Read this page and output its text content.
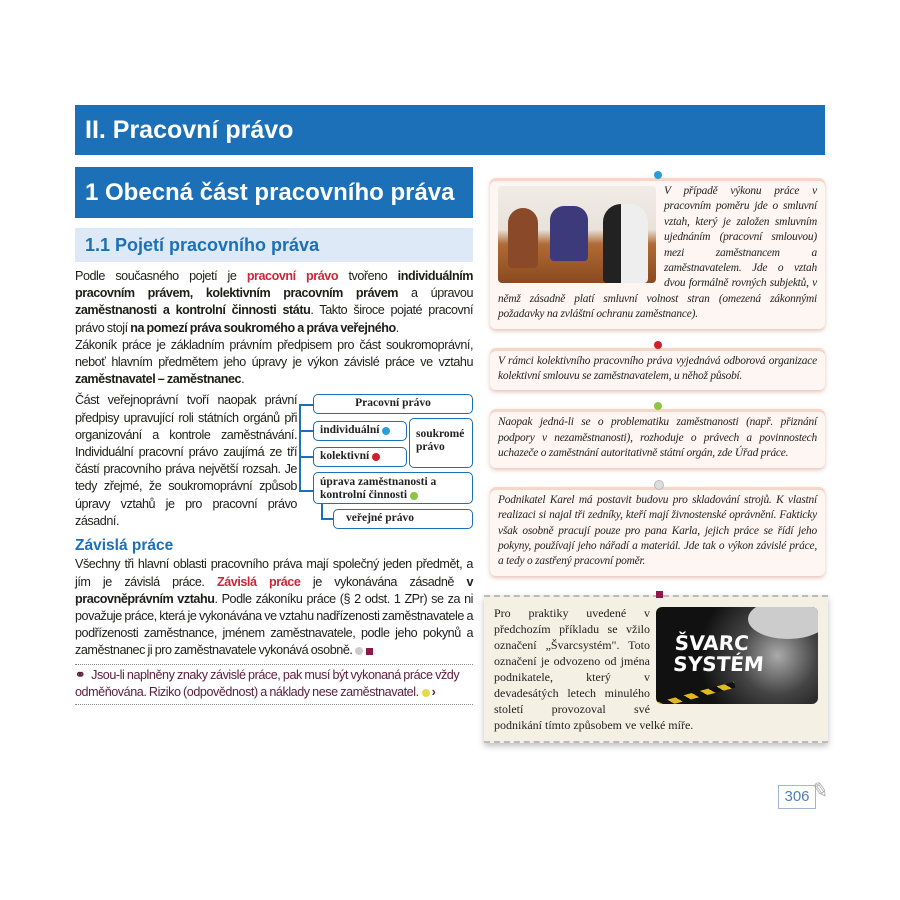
II. Pracovní právo
1 Obecná část pracovního práva
1.1 Pojetí pracovního práva
Podle současného pojetí je pracovní právo tvořeno individuálním pracovním právem, kolektivním pracovním právem a úpravou zaměstnanosti a kontrolní činnosti státu. Takto široce pojaté pracovní právo stojí na pomezí práva soukromého a práva veřejného.
Zákoník práce je základním právním předpisem pro část soukromoprávní, neboť hlavním předmětem jeho úpravy je výkon závislé práce ve vztahu zaměstnavatel – zaměstnanec.
Část veřejnoprávní tvoří naopak právní předpisy upravující roli státních orgánů při organizování a kontrole zaměstnávání. Individuální pracovní právo zaujímá ze tří částí pracovního práva největší rozsah. Je tedy zřejmé, že soukromoprávní způsob úpravy vztahů je pro pracovní právo zásadní.
Pracovní právo
individuální
kolektivní
soukromé právo
úprava zaměstnanosti a kontrolní činnosti
veřejné právo
Závislá práce
Všechny tři hlavní oblasti pracovního práva mají společný jeden předmět, a jím je závislá práce. Závislá práce je vykonávána zásadně v pracovněprávním vztahu. Podle zákoníku práce (§ 2 odst. 1 ZPr) se za ni považuje práce, která je vykonávána ve vztahu nadřízenosti zaměstnavatele a podřízenosti zaměstnance, jménem zaměstnavatele, podle jeho pokynů a zaměstnanec ji pro zaměstnavatele vykonává osobně.
⚭ Jsou-li naplněny znaky závislé práce, pak musí být vykonaná práce vždy odměňována. Riziko (odpovědnost) a náklady nese zaměstnavatel. ›
V případě výkonu práce v pracovním poměru jde o smluvní vztah, který je založen smluvním ujednáním (pracovní smlouvou) mezi zaměstnancem a zaměstnavatelem. Jde o vztah dvou formálně rovných subjektů, v němž zásadně platí smluvní volnost stran (omezená zákonnými požadavky na zvláštní ochranu zaměstnance).
V rámci kolektivního pracovního práva vyjednává odborová organizace kolektivní smlouvu se zaměstnavatelem, u něhož působí.
Naopak jedná-li se o problematiku zaměstnanosti (např. přiznání podpory v nezaměstnanosti), rozhoduje o právech a povinnostech uchazeče o zaměstnání autoritativně státní orgán, zde Úřad práce.
Podnikatel Karel má postavit budovu pro skladování strojů. K vlastní realizaci si najal tři zedníky, kteří mají živnostenské oprávnění. Fakticky však osobně pracují pouze pro pana Karla, jejich práce se řídí jeho pokyny, používají jeho nářadí a materiál. Jde tak o výkon závislé práce, a tedy o zastřený pracovní poměr.
ŠVARC SYSTÉM
Pro praktiky uvedené v předchozím příkladu se vžilo označení „Švarcsystém". Toto označení je odvozeno od jména podnikatele, který v devadesátých letech minulého století provozoval své podnikání tímto způsobem ve velké míře.
306 ✎
